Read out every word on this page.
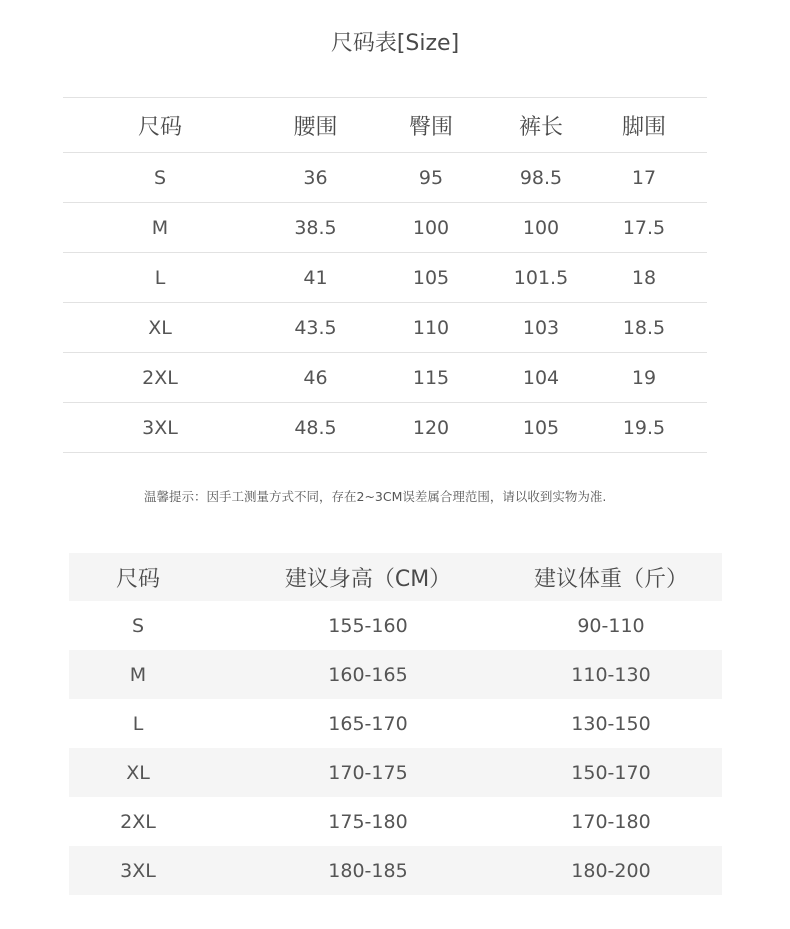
尺码表[Size]
尺码	腰围	臀围	裤长	脚围
S	36	95	98.5	17
M	38.5	100	100	17.5
L	41	105	101.5	18
XL	43.5	110	103	18.5
2XL	46	115	104	19
3XL	48.5	120	105	19.5
温馨提示：因手工测量方式不同，存在2~3CM误差属合理范围，请以收到实物为准.
尺码	建议身高（CM）	建议体重（斤）
S	155-160	90-110
M	160-165	110-130
L	165-170	130-150
XL	170-175	150-170
2XL	175-180	170-180
3XL	180-185	180-200
